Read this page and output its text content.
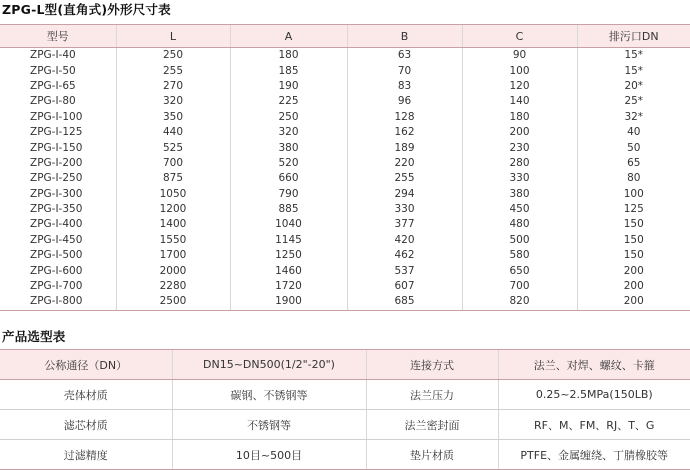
ZPG-L型(直角式)外形尺寸表
型号	L	A	B	C	排污口DN
ZPG-I-40	250	180	63	90	15*
ZPG-I-50	255	185	70	100	15*
ZPG-I-65	270	190	83	120	20*
ZPG-I-80	320	225	96	140	25*
ZPG-I-100	350	250	128	180	32*
ZPG-I-125	440	320	162	200	40
ZPG-I-150	525	380	189	230	50
ZPG-I-200	700	520	220	280	65
ZPG-I-250	875	660	255	330	80
ZPG-I-300	1050	790	294	380	100
ZPG-I-350	1200	885	330	450	125
ZPG-I-400	1400	1040	377	480	150
ZPG-I-450	1550	1145	420	500	150
ZPG-I-500	1700	1250	462	580	150
ZPG-I-600	2000	1460	537	650	200
ZPG-I-700	2280	1720	607	700	200
ZPG-I-800	2500	1900	685	820	200
产品选型表
公称通径（DN）	DN15~DN500(1/2"-20")	连接方式	法兰、对焊、螺纹、卡箍
壳体材质	碳钢、不锈钢等	法兰压力	0.25~2.5MPa(150LB)
滤芯材质	不锈钢等	法兰密封面	RF、M、FM、RJ、T、G
过滤精度	10目~500目	垫片材质	PTFE、金属缠绕、丁腈橡胶等
